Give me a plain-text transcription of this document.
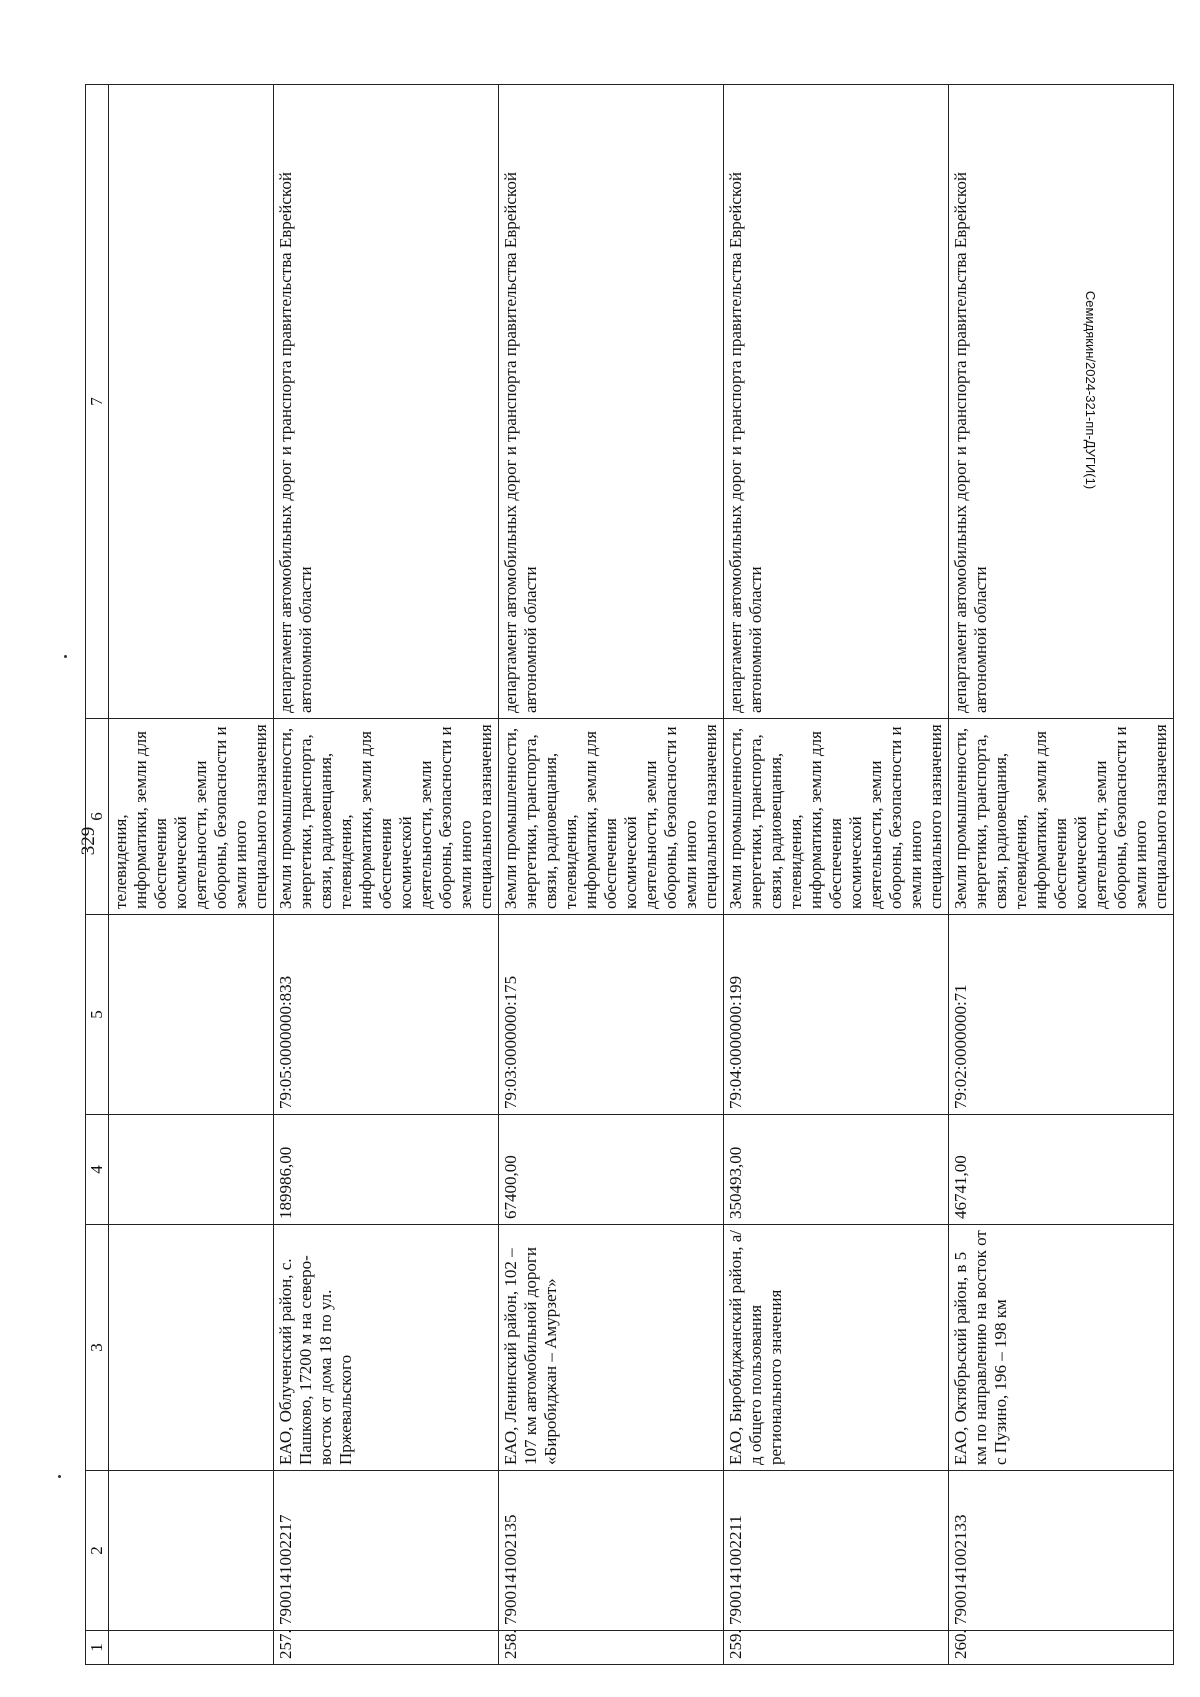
329
Семидякин/2024-321-пп-ДУГИ(1)
1	2	3	4	5	6	7

					телевидения, информатики, земли для обеспечения космической деятельности, земли обороны, безопасности и земли иного специального назначения	

257.	7900141002217	ЕАО, Облученский район, с. Пашково, 17200 м на северо-восток от дома 18 по ул. Пржевальского	189986,00	79:05:0000000:833	Земли промышленности, энергетики, транспорта, связи, радиовещания, телевидения, информатики, земли для обеспечения космической деятельности, земли обороны, безопасности и земли иного специального назначения	департамент автомобильных дорог и транспорта правительства Еврейской автономной области
258.	7900141002135	ЕАО, Ленинский район, 102 – 107 км автомобильной дороги «Биробиджан – Амурзет»	67400,00	79:03:0000000:175	Земли промышленности, энергетики, транспорта, связи, радиовещания, телевидения, информатики, земли для обеспечения космической деятельности, земли обороны, безопасности и земли иного специального назначения	департамент автомобильных дорог и транспорта правительства Еврейской автономной области
259.	7900141002211	ЕАО, Биробиджанский район, а/д общего пользования регионального значения	350493,00	79:04:0000000:199	Земли промышленности, энергетики, транспорта, связи, радиовещания, телевидения, информатики, земли для обеспечения космической деятельности, земли обороны, безопасности и земли иного специального назначения	департамент автомобильных дорог и транспорта правительства Еврейской автономной области
260.	7900141002133	ЕАО, Октябрьский район, в 5 км по направлению на восток от с Пузино, 196 – 198 км	46741,00	79:02:0000000:71	Земли промышленности, энергетики, транспорта, связи, радиовещания, телевидения, информатики, земли для обеспечения космической деятельности, земли обороны, безопасности и земли иного специального назначения	департамент автомобильных дорог и транспорта правительства Еврейской автономной области
